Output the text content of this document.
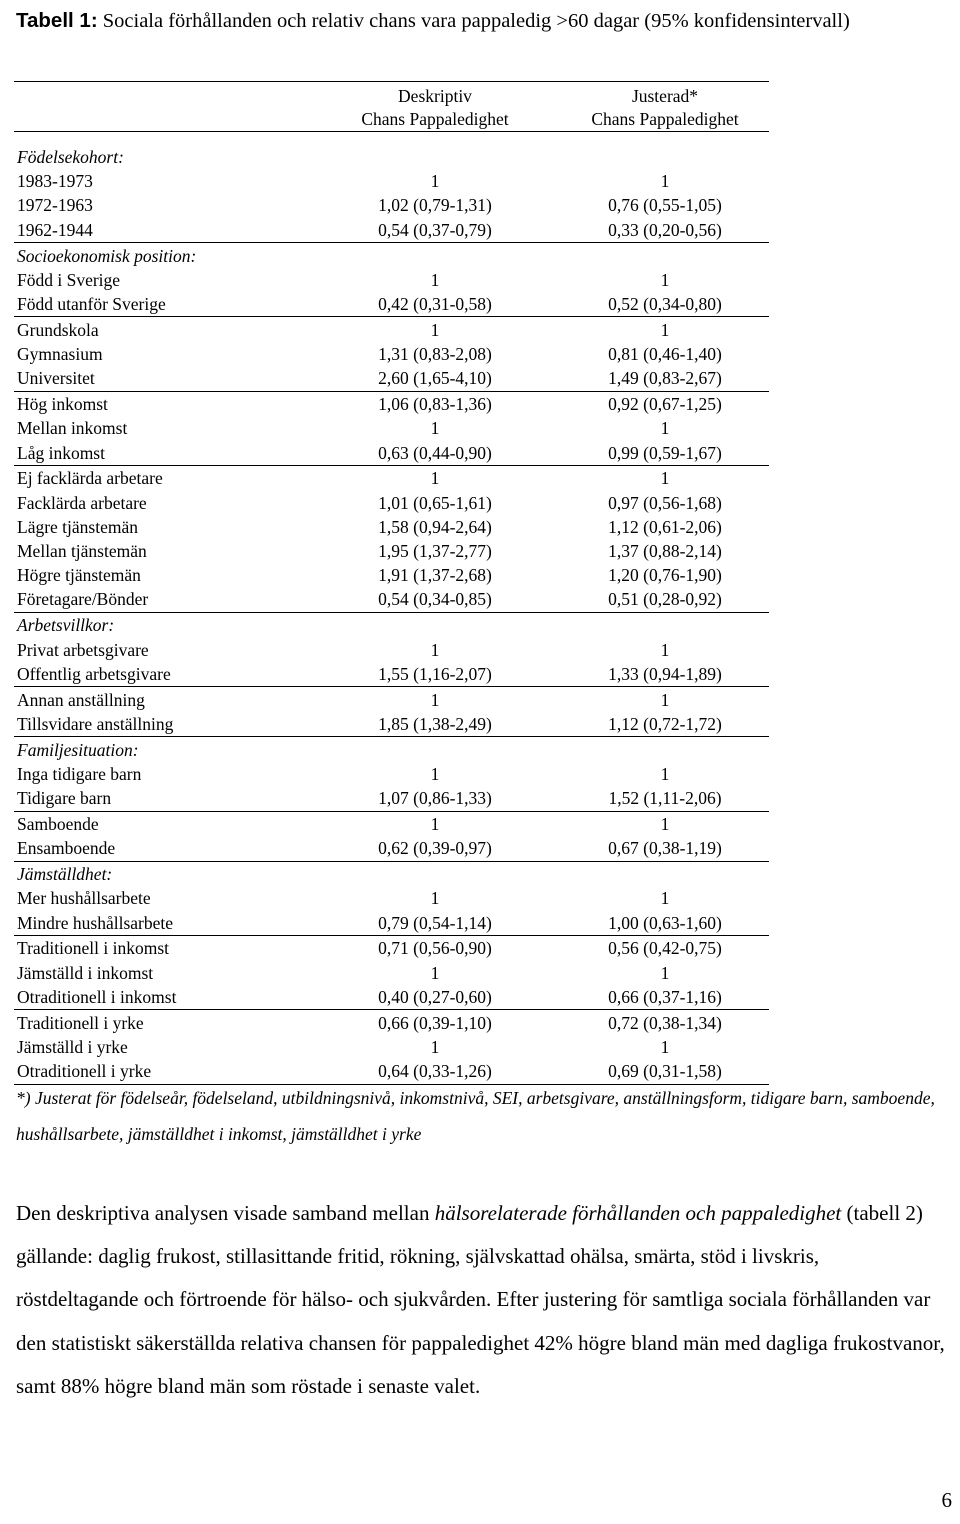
Tabell 1: Sociala förhållanden och relativ chans vara pappaledig >60 dagar (95% konfidensintervall)
Deskriptiv
Chans Pappaledighet
Justerad*
Chans Pappaledighet
Födelsekohort:
1983-1973	1	1
1972-1963	1,02 (0,79-1,31)	0,76 (0,55-1,05)
1962-1944	0,54 (0,37-0,79)	0,33 (0,20-0,56)
Socioekonomisk position:
Född i Sverige	1	1
Född utanför Sverige	0,42 (0,31-0,58)	0,52 (0,34-0,80)
Grundskola	1	1
Gymnasium	1,31 (0,83-2,08)	0,81 (0,46-1,40)
Universitet	2,60 (1,65-4,10)	1,49 (0,83-2,67)
Hög inkomst	1,06 (0,83-1,36)	0,92 (0,67-1,25)
Mellan inkomst	1	1
Låg inkomst	0,63 (0,44-0,90)	0,99 (0,59-1,67)
Ej facklärda arbetare	1	1
Facklärda arbetare	1,01 (0,65-1,61)	0,97 (0,56-1,68)
Lägre tjänstemän	1,58 (0,94-2,64)	1,12 (0,61-2,06)
Mellan tjänstemän	1,95 (1,37-2,77)	1,37 (0,88-2,14)
Högre tjänstemän	1,91 (1,37-2,68)	1,20 (0,76-1,90)
Företagare/Bönder	0,54 (0,34-0,85)	0,51 (0,28-0,92)
Arbetsvillkor:
Privat arbetsgivare	1	1
Offentlig arbetsgivare	1,55 (1,16-2,07)	1,33 (0,94-1,89)
Annan anställning	1	1
Tillsvidare anställning	1,85 (1,38-2,49)	1,12 (0,72-1,72)
Familjesituation:
Inga tidigare barn	1	1
Tidigare barn	1,07 (0,86-1,33)	1,52 (1,11-2,06)
Samboende	1	1
Ensamboende	0,62 (0,39-0,97)	0,67 (0,38-1,19)
Jämställdhet:
Mer hushållsarbete	1	1
Mindre hushållsarbete	0,79 (0,54-1,14)	1,00 (0,63-1,60)
Traditionell i inkomst	0,71 (0,56-0,90)	0,56 (0,42-0,75)
Jämställd i inkomst	1	1
Otraditionell i inkomst	0,40 (0,27-0,60)	0,66 (0,37-1,16)
Traditionell i yrke	0,66 (0,39-1,10)	0,72 (0,38-1,34)
Jämställd i yrke	1	1
Otraditionell i yrke	0,64 (0,33-1,26)	0,69 (0,31-1,58)
*) Justerat för födelseår, födelseland, utbildningsnivå, inkomstnivå, SEI, arbetsgivare, anställningsform, tidigare barn, samboende, hushållsarbete, jämställdhet i inkomst, jämställdhet i yrke
Den deskriptiva analysen visade samband mellan hälsorelaterade förhållanden och pappaledighet (tabell 2) gällande: daglig frukost, stillasittande fritid, rökning, självskattad ohälsa, smärta, stöd i livskris, röstdeltagande och förtroende för hälso- och sjukvården. Efter justering för samtliga sociala förhållanden var den statistiskt säkerställda relativa chansen för pappaledighet 42% högre bland män med dagliga frukostvanor, samt 88% högre bland män som röstade i senaste valet.
6
